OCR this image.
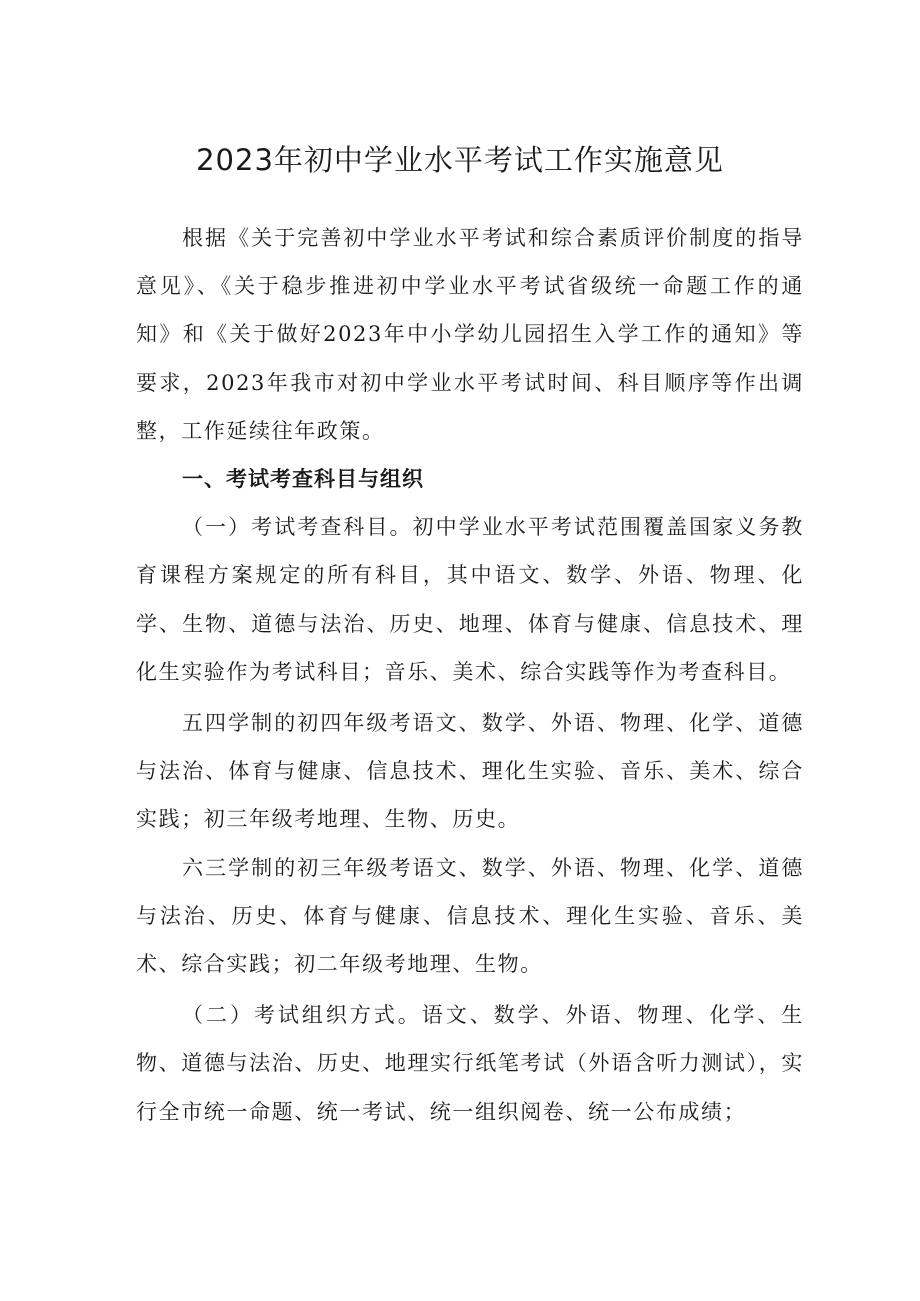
2023年初中学业水平考试工作实施意见

根据《关于完善初中学业水平考试和综合素质评价制度的指导意见》、《关于稳步推进初中学业水平考试省级统一命题工作的通知》和《关于做好2023年中小学幼儿园招生入学工作的通知》等要求，2023年我市对初中学业水平考试时间、科目顺序等作出调整，工作延续往年政策。

一、考试考查科目与组织

（一）考试考查科目。初中学业水平考试范围覆盖国家义务教育课程方案规定的所有科目，其中语文、数学、外语、物理、化学、生物、道德与法治、历史、地理、体育与健康、信息技术、理化生实验作为考试科目；音乐、美术、综合实践等作为考查科目。

五四学制的初四年级考语文、数学、外语、物理、化学、道德与法治、体育与健康、信息技术、理化生实验、音乐、美术、综合实践；初三年级考地理、生物、历史。

六三学制的初三年级考语文、数学、外语、物理、化学、道德与法治、历史、体育与健康、信息技术、理化生实验、音乐、美术、综合实践；初二年级考地理、生物。

（二）考试组织方式。语文、数学、外语、物理、化学、生物、道德与法治、历史、地理实行纸笔考试（外语含听力测试），实行全市统一命题、统一考试、统一组织阅卷、统一公布成绩；
